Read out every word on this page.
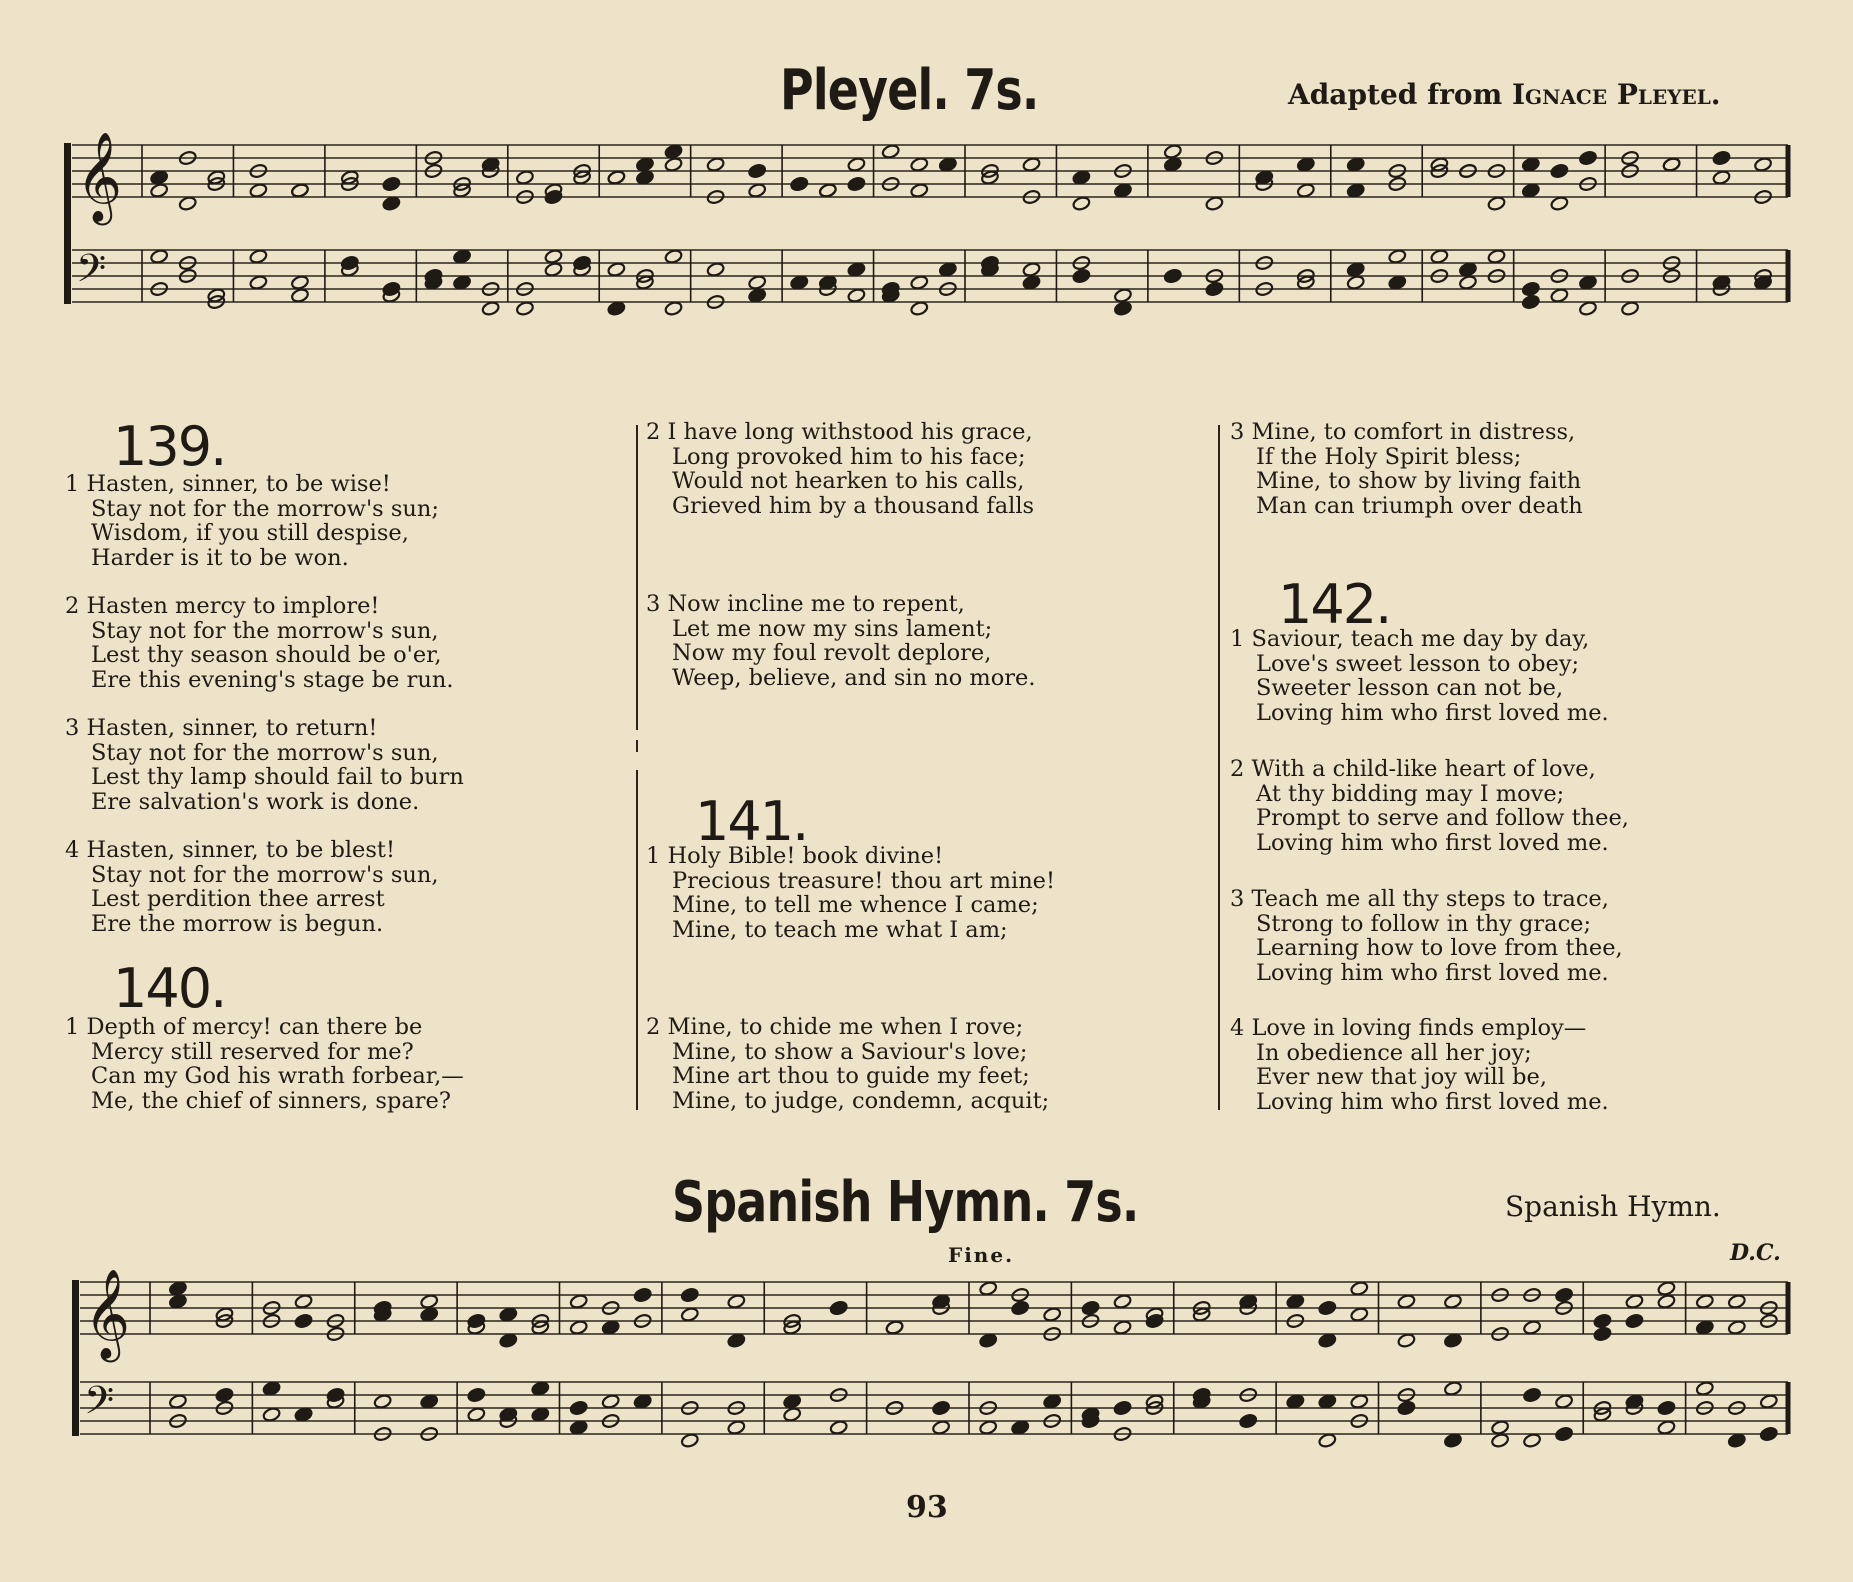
Pleyel. 7s.	Adapted from Ignace Pleyel.
𝄞
𝄢
139.
1 Hasten, sinner, to be wise!
Stay not for the morrow's sun;
Wisdom, if you still despise,
Harder is it to be won.
2 Hasten mercy to implore!
Stay not for the morrow's sun,
Lest thy season should be o'er,
Ere this evening's stage be run.
3 Hasten, sinner, to return!
Stay not for the morrow's sun,
Lest thy lamp should fail to burn
Ere salvation's work is done.
4 Hasten, sinner, to be blest!
Stay not for the morrow's sun,
Lest perdition thee arrest
Ere the morrow is begun.
140.
1 Depth of mercy! can there be
Mercy still reserved for me?
Can my God his wrath forbear,—
Me, the chief of sinners, spare?
2 I have long withstood his grace,
Long provoked him to his face;
Would not hearken to his calls,
Grieved him by a thousand falls
3 Now incline me to repent,
Let me now my sins lament;
Now my foul revolt deplore,
Weep, believe, and sin no more.
141.
1 Holy Bible! book divine!
Precious treasure! thou art mine!
Mine, to tell me whence I came;
Mine, to teach me what I am;
2 Mine, to chide me when I rove;
Mine, to show a Saviour's love;
Mine art thou to guide my feet;
Mine, to judge, condemn, acquit;
3 Mine, to comfort in distress,
If the Holy Spirit bless;
Mine, to show by living faith
Man can triumph over death
142.
1 Saviour, teach me day by day,
Love's sweet lesson to obey;
Sweeter lesson can not be,
Loving him who first loved me.
2 With a child-like heart of love,
At thy bidding may I move;
Prompt to serve and follow thee,
Loving him who first loved me.
3 Teach me all thy steps to trace,
Strong to follow in thy grace;
Learning how to love from thee,
Loving him who first loved me.
4 Love in loving finds employ—
In obedience all her joy;
Ever new that joy will be,
Loving him who first loved me.
Spanish Hymn. 7s.	Spanish Hymn.
Fine.	D.C.
𝄞
𝄢
93
